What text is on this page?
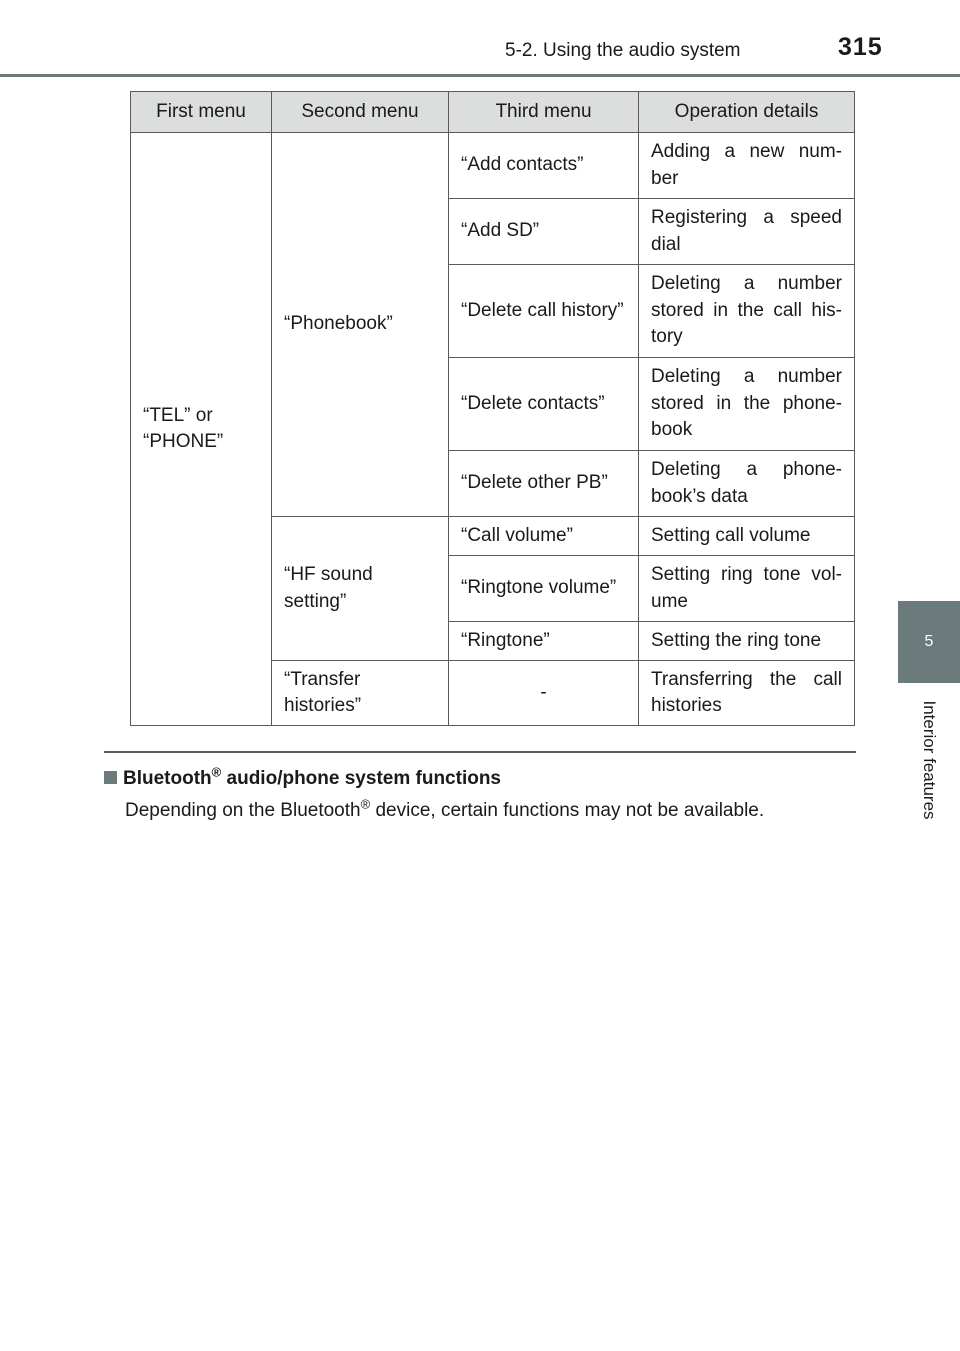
5-2. Using the audio system	315
5
Interior features
First menu	Second menu	Third menu	Operation details
“TEL” or “PHONE”	“Phonebook”	“Add contacts”	Adding a new num-ber
		“Add SD”	Registering a speed dial
		“Delete call history”	Deleting a number stored in the call his-tory
		“Delete contacts”	Deleting a number stored in the phone-book
		“Delete other PB”	Deleting a phone-book’s data
	“HF sound setting”	“Call volume”	Setting call volume
		“Ringtone volume”	Setting ring tone vol-ume
		“Ringtone”	Setting the ring tone
	“Transfer histories”	-	Transferring the call histories
Bluetooth® audio/phone system functions
Depending on the Bluetooth® device, certain functions may not be available.
